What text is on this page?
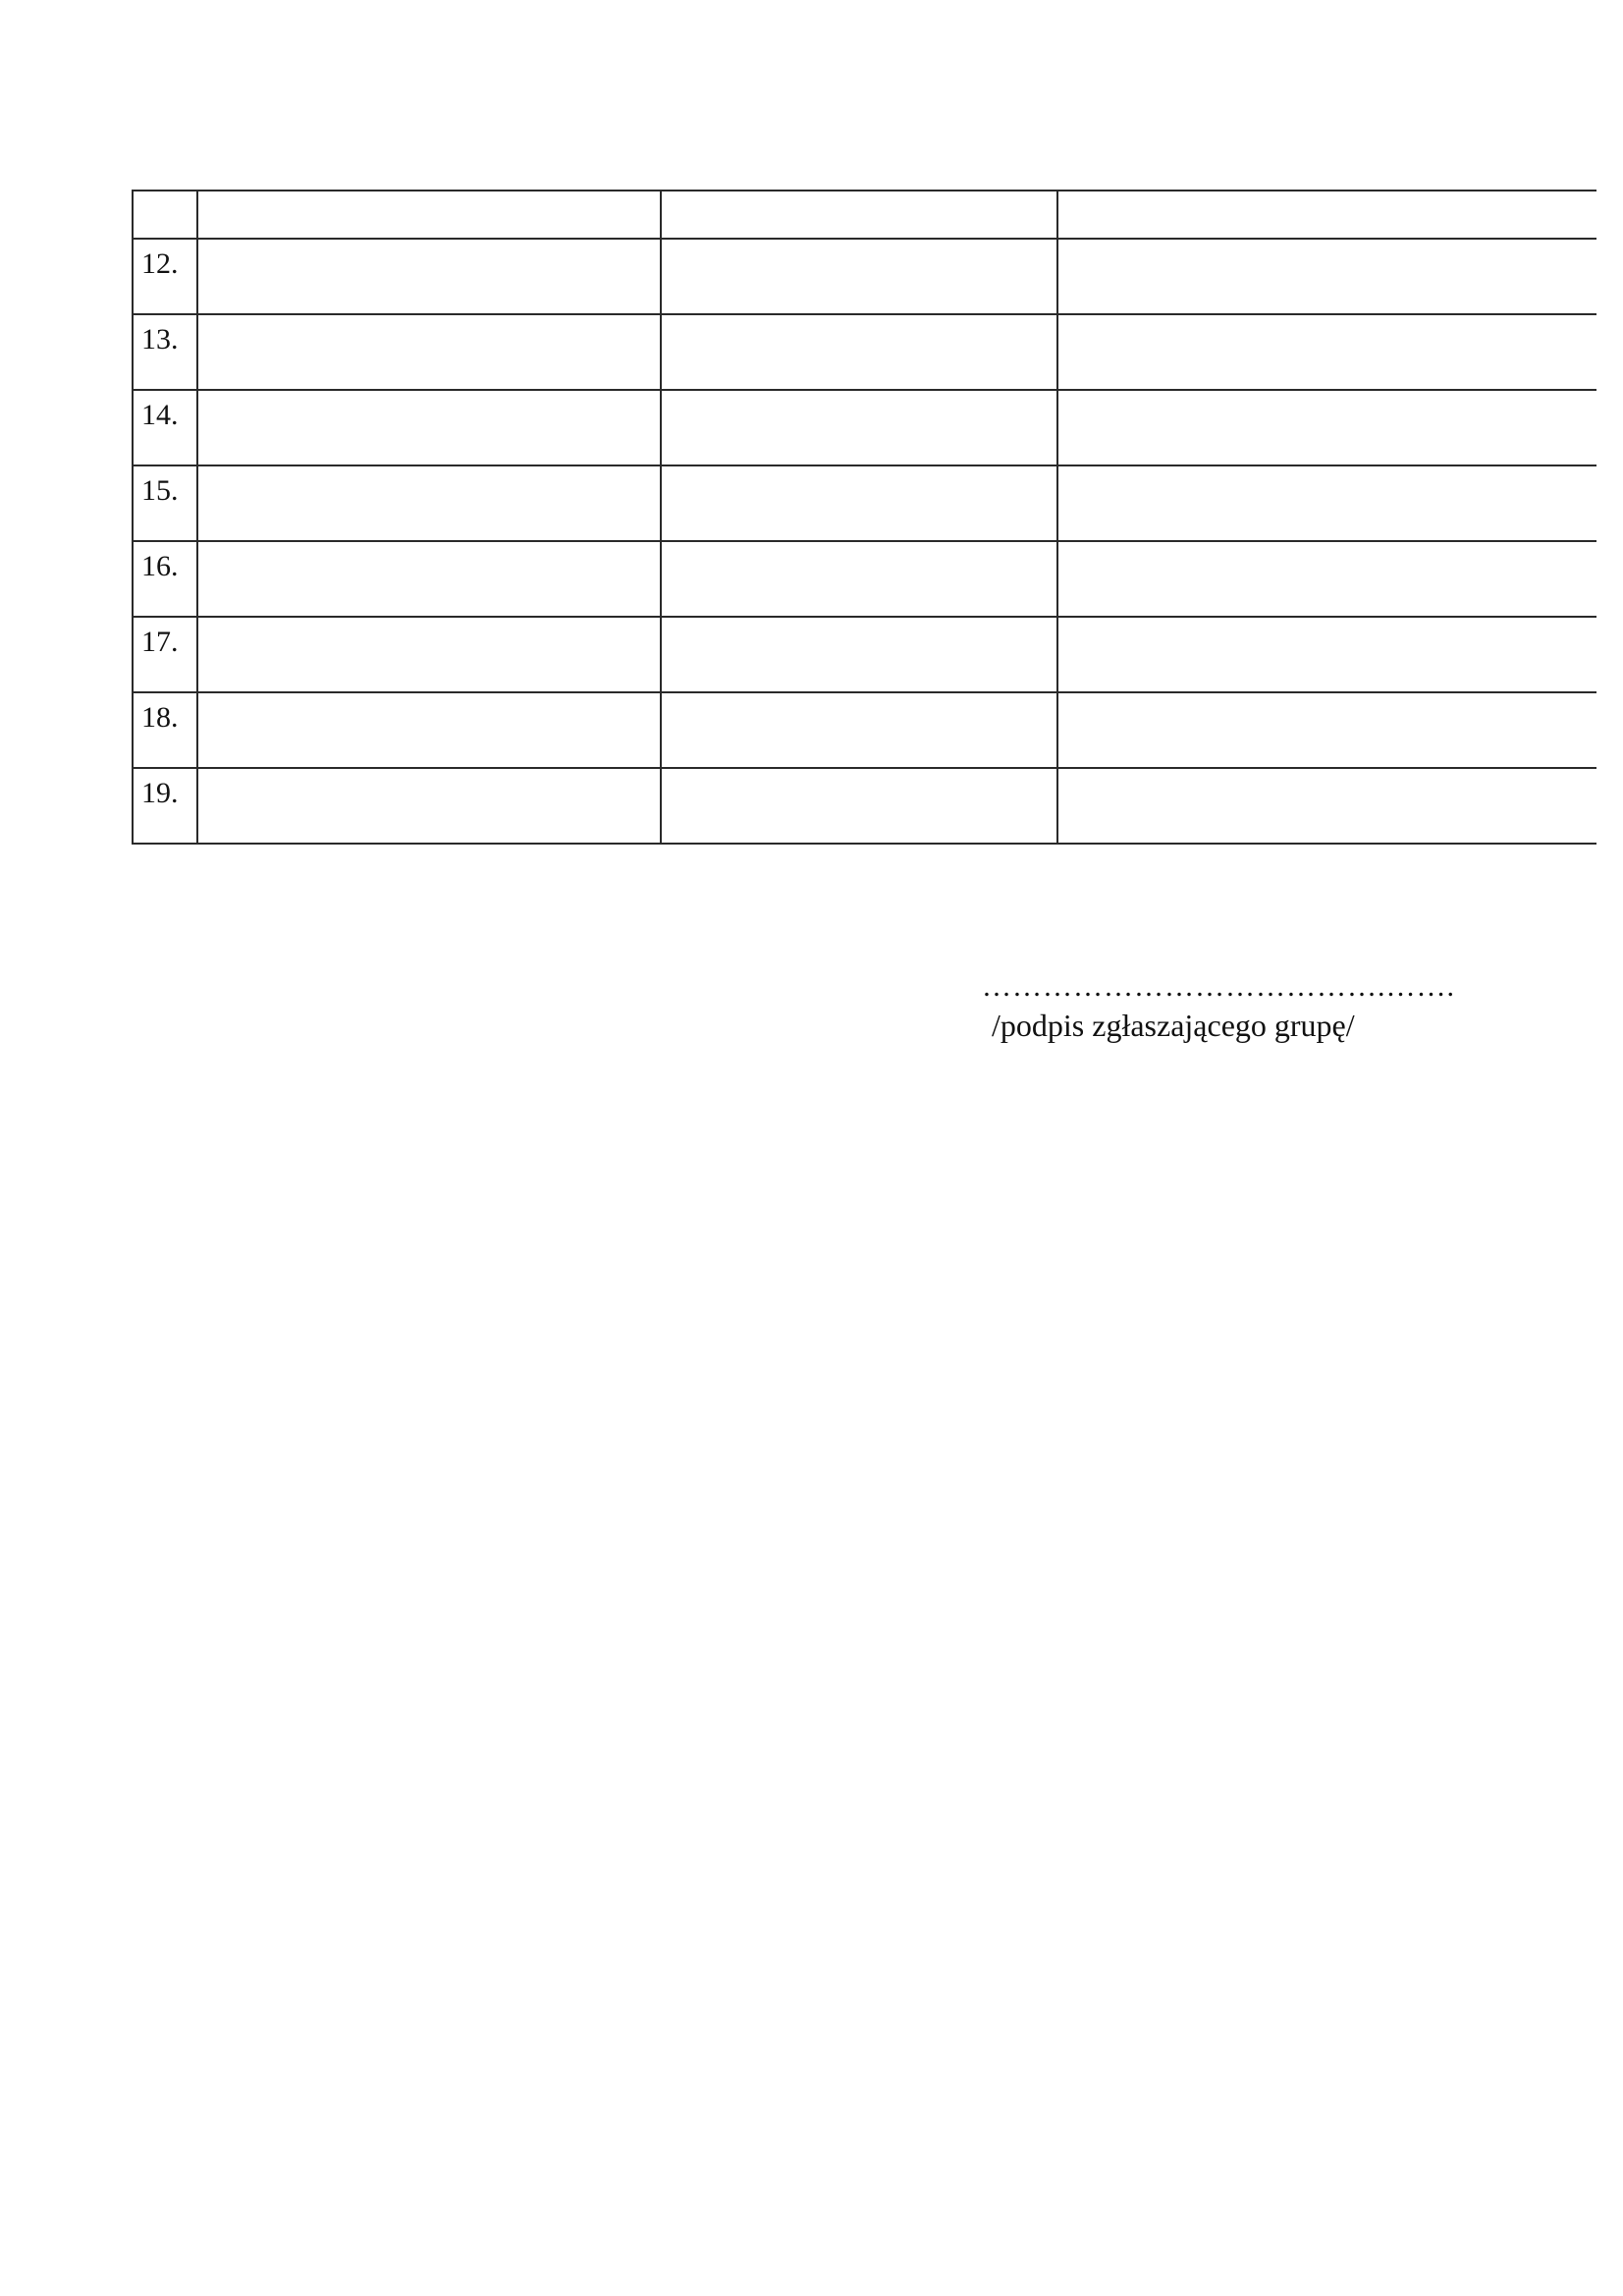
12.			

13.			

14.			

15.			

16.			

17.			

18.			

19.			

………………………………….…….
/podpis zgłaszającego grupę/
